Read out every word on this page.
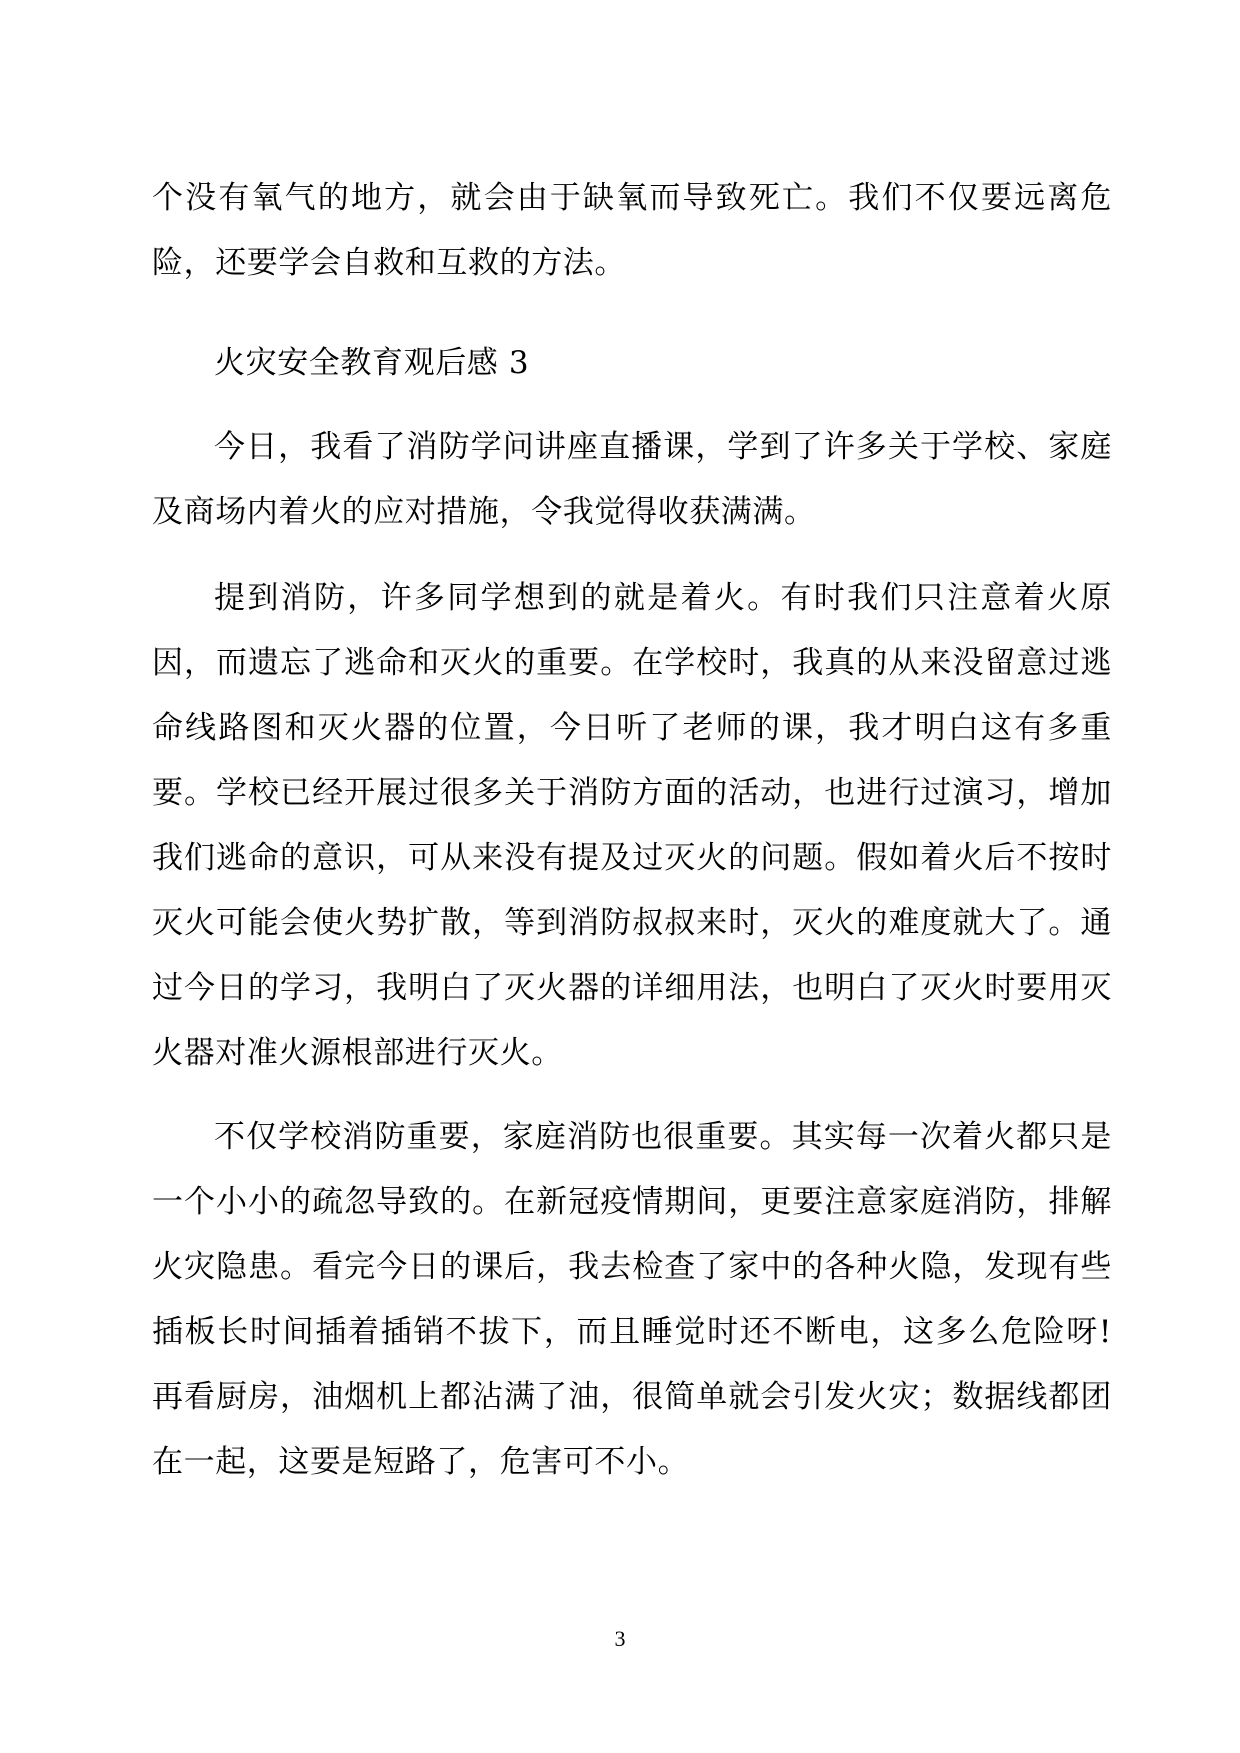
个没有氧气的地方，就会由于缺氧而导致死亡。我们不仅要远离危险，还要学会自救和互救的方法。

火灾安全教育观后感 3

今日，我看了消防学问讲座直播课，学到了许多关于学校、家庭及商场内着火的应对措施，令我觉得收获满满。

提到消防，许多同学想到的就是着火。有时我们只注意着火原因，而遗忘了逃命和灭火的重要。在学校时，我真的从来没留意过逃命线路图和灭火器的位置，今日听了老师的课，我才明白这有多重要。学校已经开展过很多关于消防方面的活动，也进行过演习，增加我们逃命的意识，可从来没有提及过灭火的问题。假如着火后不按时灭火可能会使火势扩散，等到消防叔叔来时，灭火的难度就大了。通过今日的学习，我明白了灭火器的详细用法，也明白了灭火时要用灭火器对准火源根部进行灭火。

不仅学校消防重要，家庭消防也很重要。其实每一次着火都只是一个小小的疏忽导致的。在新冠疫情期间，更要注意家庭消防，排解火灾隐患。看完今日的课后，我去检查了家中的各种火隐，发现有些插板长时间插着插销不拔下，而且睡觉时还不断电，这多么危险呀!再看厨房，油烟机上都沾满了油，很简单就会引发火灾；数据线都团在一起，这要是短路了，危害可不小。

3
